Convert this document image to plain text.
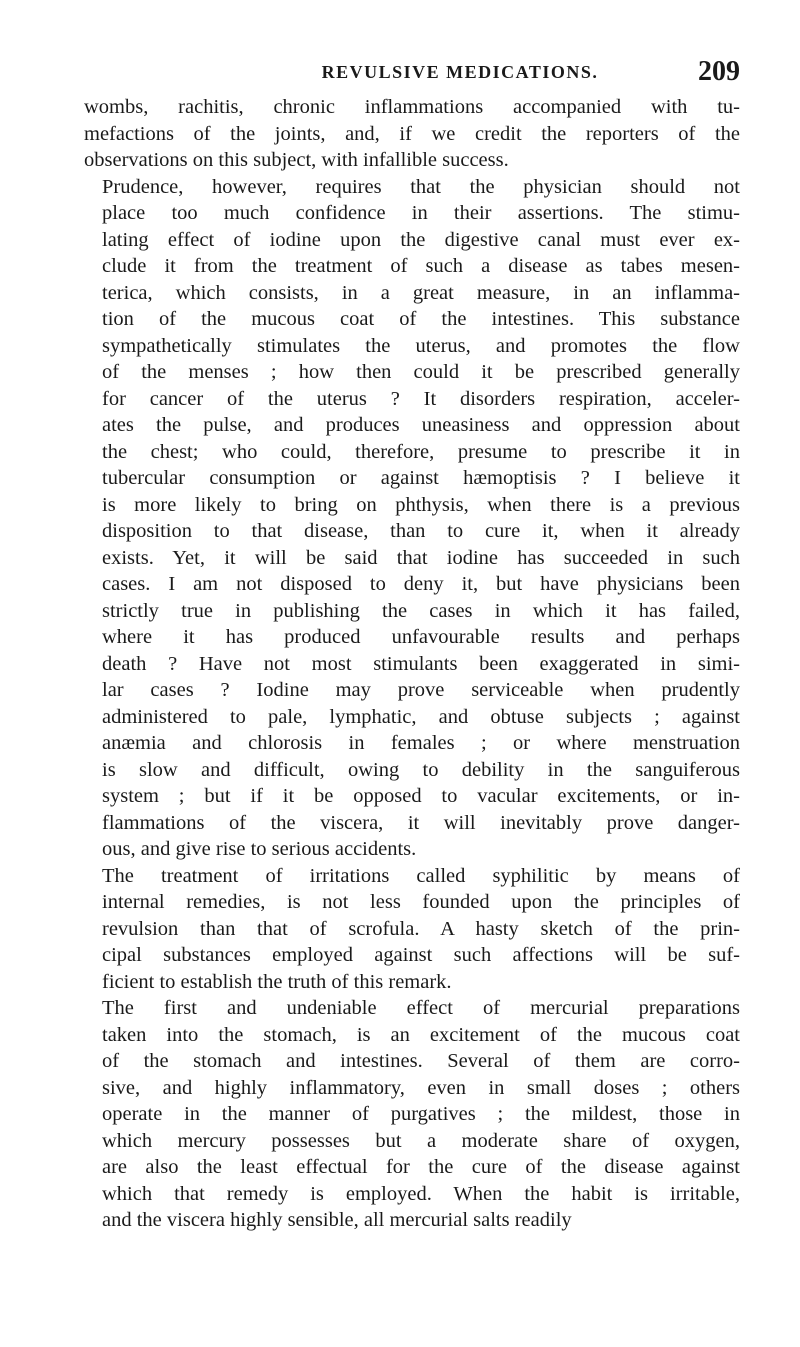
REVULSIVE MEDICATIONS.	209

wombs, rachitis, chronic inflammations accompanied with tu-
mefactions of the joints, and, if we credit the reporters of the
observations on this subject, with infallible success.

Prudence, however, requires that the physician should not
place too much confidence in their assertions. The stimu-
lating effect of iodine upon the digestive canal must ever ex-
clude it from the treatment of such a disease as tabes mesen-
terica, which consists, in a great measure, in an inflamma-
tion of the mucous coat of the intestines. This substance
sympathetically stimulates the uterus, and promotes the flow
of the menses ; how then could it be prescribed generally
for cancer of the uterus ? It disorders respiration, acceler-
ates the pulse, and produces uneasiness and oppression about
the chest; who could, therefore, presume to prescribe it in
tubercular consumption or against hæmoptisis ? I believe it
is more likely to bring on phthysis, when there is a previous
disposition to that disease, than to cure it, when it already
exists. Yet, it will be said that iodine has succeeded in such
cases. I am not disposed to deny it, but have physicians been
strictly true in publishing the cases in which it has failed,
where it has produced unfavourable results and perhaps
death ? Have not most stimulants been exaggerated in simi-
lar cases ? Iodine may prove serviceable when prudently
administered to pale, lymphatic, and obtuse subjects ; against
anæmia and chlorosis in females ; or where menstruation
is slow and difficult, owing to debility in the sanguiferous
system ; but if it be opposed to vacular excitements, or in-
flammations of the viscera, it will inevitably prove danger-
ous, and give rise to serious accidents.

The treatment of irritations called syphilitic by means of
internal remedies, is not less founded upon the principles of
revulsion than that of scrofula. A hasty sketch of the prin-
cipal substances employed against such affections will be suf-
ficient to establish the truth of this remark.

The first and undeniable effect of mercurial preparations
taken into the stomach, is an excitement of the mucous coat
of the stomach and intestines. Several of them are corro-
sive, and highly inflammatory, even in small doses ; others
operate in the manner of purgatives ; the mildest, those in
which mercury possesses but a moderate share of oxygen,
are also the least effectual for the cure of the disease against
which that remedy is employed. When the habit is irritable,
and the viscera highly sensible, all mercurial salts readily
